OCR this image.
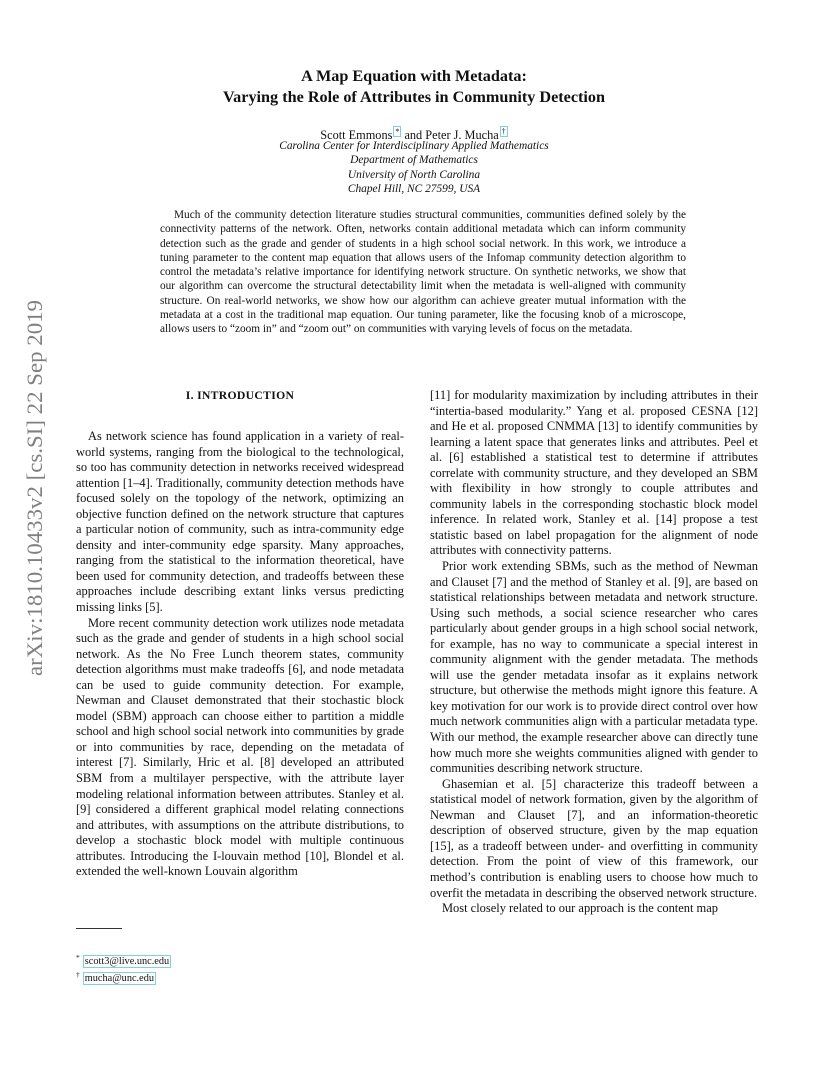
arXiv:1810.10433v2 [cs.SI] 22 Sep 2019
A Map Equation with Metadata:
Varying the Role of Attributes in Community Detection
Scott Emmons * and Peter J. Mucha †
Carolina Center for Interdisciplinary Applied Mathematics
Department of Mathematics
University of North Carolina
Chapel Hill, NC 27599, USA

Much of the community detection literature studies structural communities, communities defined solely by the connectivity patterns of the network. Often, networks contain additional metadata which can inform community detection such as the grade and gender of students in a high school social network. In this work, we introduce a tuning parameter to the content map equation that allows users of the Infomap community detection algorithm to control the metadata’s relative importance for identifying network structure. On synthetic networks, we show that our algorithm can overcome the structural detectability limit when the metadata is well-aligned with community structure. On real-world networks, we show how our algorithm can achieve greater mutual information with the metadata at a cost in the traditional map equation. Our tuning parameter, like the focusing knob of a microscope, allows users to “zoom in” and “zoom out” on communities with varying levels of focus on the metadata.

I. INTRODUCTION

As network science has found application in a variety of real-world systems, ranging from the biological to the technological, so too has community detection in networks received widespread attention [1–4]. Traditionally, community detection methods have focused solely on the topology of the network, optimizing an objective function defined on the network structure that captures a particular notion of community, such as intra-community edge density and inter-community edge sparsity. Many approaches, ranging from the statistical to the information theoretical, have been used for community detection, and tradeoffs between these approaches include describing extant links versus predicting missing links [5].

More recent community detection work utilizes node metadata such as the grade and gender of students in a high school social network. As the No Free Lunch theorem states, community detection algorithms must make tradeoffs [6], and node metadata can be used to guide community detection. For example, Newman and Clauset demonstrated that their stochastic block model (SBM) approach can choose either to partition a middle school and high school social network into communities by grade or into communities by race, depending on the metadata of interest [7]. Similarly, Hric et al. [8] developed an attributed SBM from a multilayer perspective, with the attribute layer modeling relational information between attributes. Stanley et al. [9] considered a different graphical model relating connections and attributes, with assumptions on the attribute distributions, to develop a stochastic block model with multiple continuous attributes. Introducing the I-louvain method [10], Blondel et al. extended the well-known Louvain algorithm

[11] for modularity maximization by including attributes in their “intertia-based modularity.” Yang et al. proposed CESNA [12] and He et al. proposed CNMMA [13] to identify communities by learning a latent space that generates links and attributes. Peel et al. [6] established a statistical test to determine if attributes correlate with community structure, and they developed an SBM with flexibility in how strongly to couple attributes and community labels in the corresponding stochastic block model inference. In related work, Stanley et al. [14] propose a test statistic based on label propagation for the alignment of node attributes with connectivity patterns.

Prior work extending SBMs, such as the method of Newman and Clauset [7] and the method of Stanley et al. [9], are based on statistical relationships between metadata and network structure. Using such methods, a social science researcher who cares particularly about gender groups in a high school social network, for example, has no way to communicate a special interest in community alignment with the gender metadata. The methods will use the gender metadata insofar as it explains network structure, but otherwise the methods might ignore this feature. A key motivation for our work is to provide direct control over how much network communities align with a particular metadata type. With our method, the example researcher above can directly tune how much more she weights communities aligned with gender to communities describing network structure.

Ghasemian et al. [5] characterize this tradeoff between a statistical model of network formation, given by the algorithm of Newman and Clauset [7], and an information-theoretic description of observed structure, given by the map equation [15], as a tradeoff between under- and overfitting in community detection. From the point of view of this framework, our method’s contribution is enabling users to choose how much to overfit the metadata in describing the observed network structure.

Most closely related to our approach is the content map

* scott3@live.unc.edu
† mucha@unc.edu
